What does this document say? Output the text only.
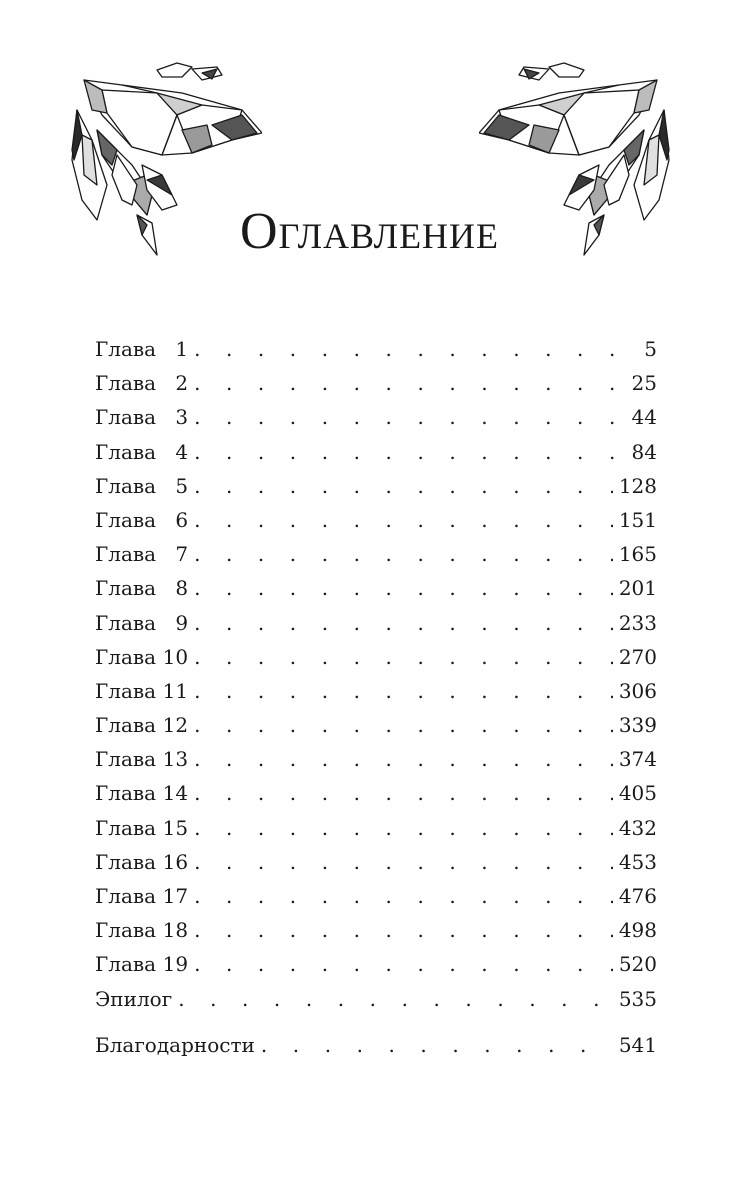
Оглавление
Глава 1 . . .	5
Глава 2 . . .	25
Глава 3 . . .	44
Глава 4 . . .	84
Глава 5 . . .	128
Глава 6 . . .	151
Глава 7 . . .	165
Глава 8 . . .	201
Глава 9 . . .	233
Глава 10 . . .	270
Глава 11 . . .	306
Глава 12 . . .	339
Глава 13 . . .	374
Глава 14 . . .	405
Глава 15 . . .	432
Глава 16 . . .	453
Глава 17 . . .	476
Глава 18 . . .	498
Глава 19 . . .	520
Эпилог . . .	535
Благодарности . . .	541
